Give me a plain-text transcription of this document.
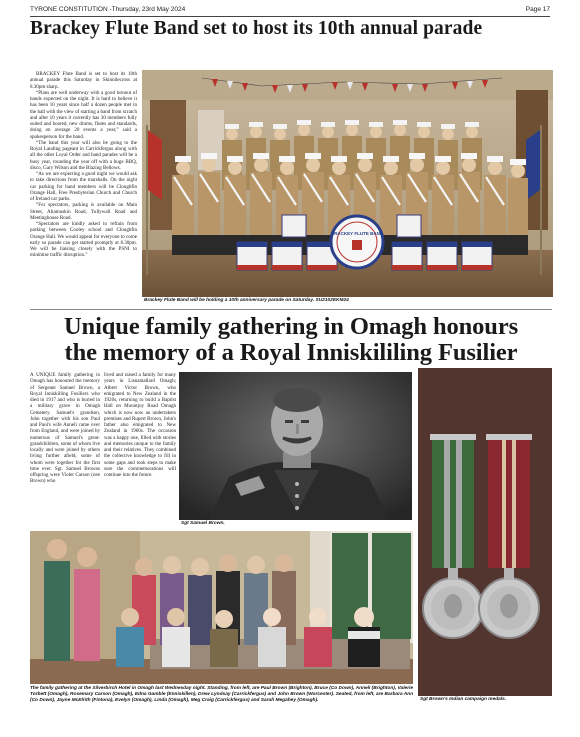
TYRONE CONSTITUTION -Thursday, 23rd May 2024	Page 17
Brackey Flute Band set to host its 10th annual parade

BRACKEY Flute Band is set to host its 10th annual parade this Saturday in Skinnilecross at 8.30pm sharp.

“Plans are well underway with a good turnout of bands expected on the night. It is hard to believe it has been 10 years since half a dozen people met in the hall with the view of starting a band from scratch and after 10 years it currently has 30 members fully suited and booted, new drums, flutes and standards, doing on average 20 events a year,” said a spokesperson for the band.

“The band this year will also be going to the Royal Landing pageant in Carrickfergus along with all the other Loyal Order and band parades will be a busy year, rounding the year off with a huge BBQ, disco, Gary Wilson and the Blazing Bellows.

“As we are expecting a good night we would ask to take directions from the marshalls. On the night car parking for band members will be Cloughfin Orange Hall, Free Presbyterian Church and Church of Ireland car parks.

“For spectators, parking is available on Main Street, Altamuskin Road, Tullywall Road and Meetinghouse Road.

“Spectators are kindly asked to refrain from parking between Cooley school and Cloughfin Orange Hall. We would appeal for everyone to come early so parade can get started promptly at 8.30pm. We will be liaising closely with the PSNI to minimise traffic disruption.”

BRACKEY FLUTE BAND
Brackey Flute Band will be holding a 10th anniversary parade on Saturday. SU2102EKM24
Unique family gathering in Omagh honours
the memory of a Royal Inniskililing Fusilier

A UNIQUE family gathering in Omagh has honoured the memory of Sergeant Samuel Brown, a Royal Inniskilling Fusiliers who died in 1917 and who is buried in a military grave in Omagh Cemetery. Samuel's grandson, John together with his son Paul and Paul's wife Anneli came over from England, and were joined by numerous of Samuel's great-grandchildren, some of whom live locally and were joined by others living further afield, some of whom were together for the first time ever. Sgt. Samuel Browns offspring were Violet Carson (nee Brown) who

lived and raised a family for many years in Lisnamallard Omagh; Albert Victor Brown, who emigrated to New Zealand in the 1920s, returning to build a Baptist Hall on Mountjoy Road Omagh which is now now an undertakers premises and Rupert Brown, John's father also emigrated to New Zealand in 1960s. The occasion was a happy one, filled with stories and memories unique to the family and their relatives. They combined the collective knowledge to fill in some gaps and took steps to make sure the commemorations will continue into the future.

Sgt Samuel Brown.
Sgt Brown's Indian campaign medals.
The family gathering at the Silverbirch Hotel in Omagh last Wednesday night. Standing, from left, are Paul Brown (Brighton), Bruce (Co Down), Anneli (Brighton), Valerie Torbett (Omagh), Rosemary Carson (Omagh), Edna Gamble (Enniskillen), Drew Lyndsay (Carrickfergus) and John Brown (Worcester). Seated, from left, are Barbara Ann (Co Down), Jayne McElrith (Fintona), Evelyn (Omagh), Linda (Omagh), Meg Craig (Carrickfergus) and Sarah Megahey (Omagh).
